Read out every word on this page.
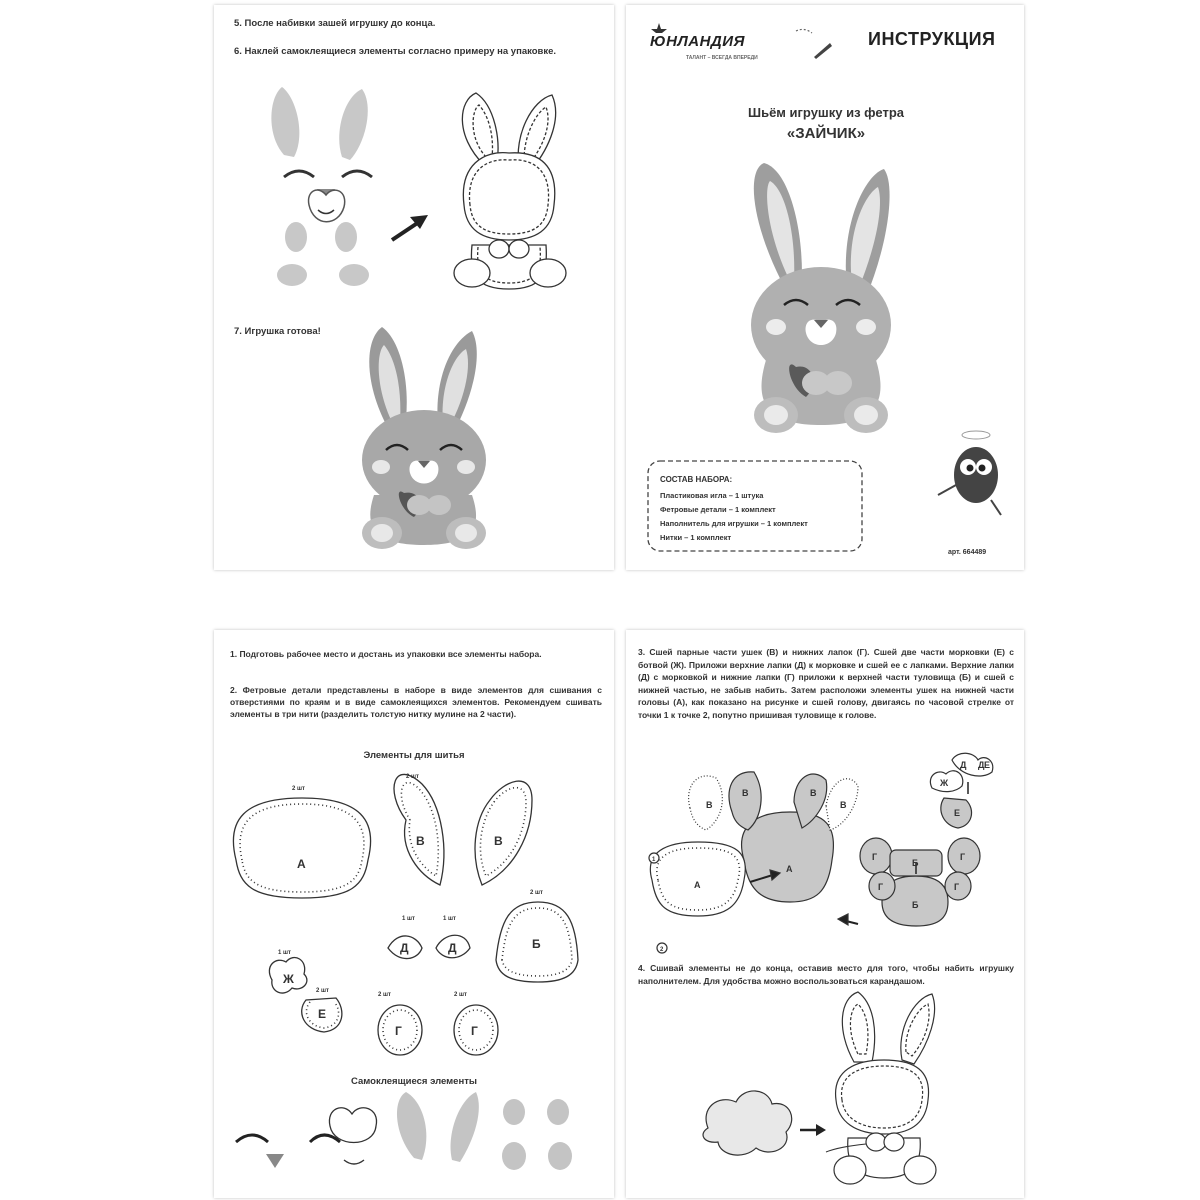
5. После набивки зашей игрушку до конца.
6. Наклей самоклеящиеся элементы согласно примеру на упаковке.
7. Игрушка готова!
ЮНЛАНДИЯ
ТАЛАНТ – ВСЕГДА ВПЕРЕДИ
ИНСТРУКЦИЯ
Шьём игрушку из фетра
«ЗАЙЧИК»
СОСТАВ НАБОРА:
Пластиковая игла – 1 штука
Фетровые детали – 1 комплект
Наполнитель для игрушки – 1 комплект
Нитки – 1 комплект
арт. 664489
1. Подготовь рабочее место и достань из упаковки все элементы набора.
2. Фетровые детали представлены в наборе в виде элементов для сшивания с отверстиями по краям и в виде самоклеящихся элементов. Рекомендуем сшивать элементы в три нити (разделить толстую нитку мулине на 2 части).
Элементы для шитья
А
В	В
Б
Д	Д
Ж
Е
Г	Г
2 шт
2 шт
2 шт
1 шт	1 шт
1 шт
2 шт
2 шт	2 шт
Самоклеящиеся элементы
3. Сшей парные части ушек (В) и нижних лапок (Г). Сшей две части морковки (Е) с ботвой (Ж). Приложи верхние лапки (Д) к морковке и сшей ее с лапками. Верхние лапки (Д) с морковкой и нижние лапки (Г) приложи к верхней части туловища (Б) и сшей с нижней частью, не забыв набить. Затем расположи элементы ушек на нижней части головы (А), как показано на рисунке и сшей голову, двигаясь по часовой стрелке от точки 1 к точке 2, попутно пришивая туловище к голове.
А
А
В
В	В
В
Г	Г
Г	Г
Б
Б
Д Д
Е
Е
Ж
1
2
4. Сшивай элементы не до конца, оставив место для того, чтобы набить игрушку наполнителем. Для удобства можно воспользоваться карандашом.
